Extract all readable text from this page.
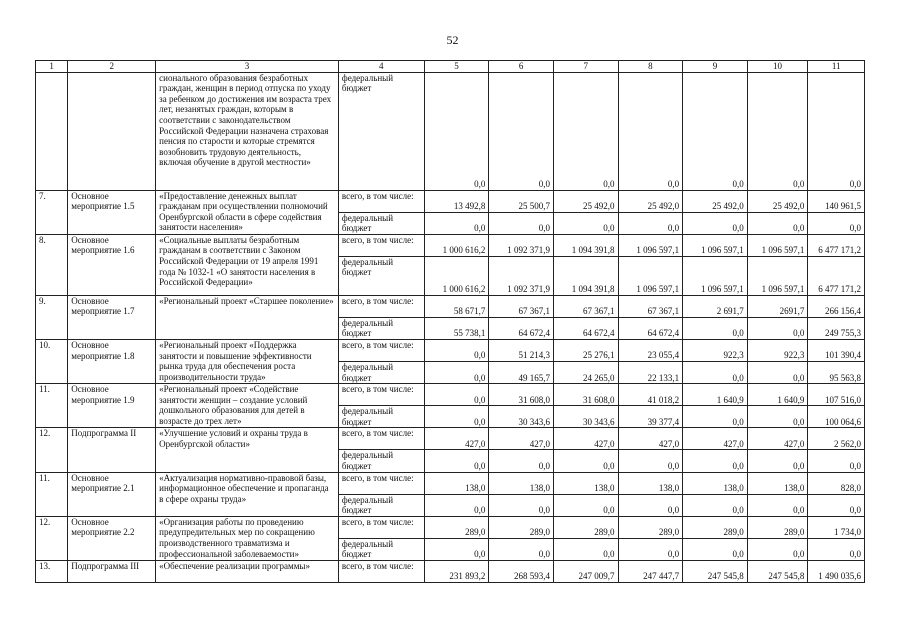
52
1	2	3	4	5	6	7	8	9	10	11
		сионального образования безработных граждан, женщин в период отпуска по уходу за ребенком до достижения им возраста трех лет, незанятых граждан, которым в соответствии с законодательством Российской Федерации назначена страховая пенсия по старости и которые стремятся возобновить трудовую деятельность, включая обучение в другой местности»	федеральный бюджет	0,0	0,0	0,0	0,0	0,0	0,0	0,0
7.	Основное мероприятие 1.5	«Предоставление денежных выплат гражданам при осуществлении полномочий Оренбургской области в сфере содействия занятости населения»	всего, в том числе:	13 492,8	25 500,7	25 492,0	25 492,0	25 492,0	25 492,0	140 961,5
			федеральный бюджет	0,0	0,0	0,0	0,0	0,0	0,0	0,0
8.	Основное мероприятие 1.6	«Социальные выплаты безработным гражданам в соответствии с Законом Российской Федерации от 19 апреля 1991 года № 1032-1 «О занятости населения в Российской Федерации»	всего, в том числе:	1 000 616,2	1 092 371,9	1 094 391,8	1 096 597,1	1 096 597,1	1 096 597,1	6 477 171,2
			федеральный бюджет	1 000 616,2	1 092 371,9	1 094 391,8	1 096 597,1	1 096 597,1	1 096 597,1	6 477 171,2
9.	Основное мероприятие 1.7	«Региональный проект «Старшее поколение»	всего, в том числе:	58 671,7	67 367,1	67 367,1	67 367,1	2 691,7	2691,7	266 156,4
			федеральный бюджет	55 738,1	64 672,4	64 672,4	64 672,4	0,0	0,0	249 755,3
10.	Основное мероприятие 1.8	«Региональный проект «Поддержка занятости и повышение эффективности рынка труда для обеспечения роста производительности труда»	всего, в том числе:	0,0	51 214,3	25 276,1	23 055,4	922,3	922,3	101 390,4
			федеральный бюджет	0,0	49 165,7	24 265,0	22 133,1	0,0	0,0	95 563,8
11.	Основное мероприятие 1.9	«Региональный проект «Содействие занятости женщин – создание условий дошкольного образования для детей в возрасте до трех лет»	всего, в том числе:	0,0	31 608,0	31 608,0	41 018,2	1 640,9	1 640,9	107 516,0
			федеральный бюджет	0,0	30 343,6	30 343,6	39 377,4	0,0	0,0	100 064,6
12.	Подпрограмма II	«Улучшение условий и охраны труда в Оренбургской области»	всего, в том числе:	427,0	427,0	427,0	427,0	427,0	427,0	2 562,0
			федеральный бюджет	0,0	0,0	0,0	0,0	0,0	0,0	0,0
11.	Основное мероприятие 2.1	«Актуализация нормативно-правовой базы, информационное обеспечение и пропаганда в сфере охраны труда»	всего, в том числе:	138,0	138,0	138,0	138,0	138,0	138,0	828,0
			федеральный бюджет	0,0	0,0	0,0	0,0	0,0	0,0	0,0
12.	Основное мероприятие 2.2	«Организация работы по проведению предупредительных мер по сокращению производственного травматизма и профессиональной заболеваемости»	всего, в том числе:	289,0	289,0	289,0	289,0	289,0	289,0	1 734,0
			федеральный бюджет	0,0	0,0	0,0	0,0	0,0	0,0	0,0
13.	Подпрограмма III	«Обеспечение реализации программы»	всего, в том числе:	231 893,2	268 593,4	247 009,7	247 447,7	247 545,8	247 545,8	1 490 035,6
